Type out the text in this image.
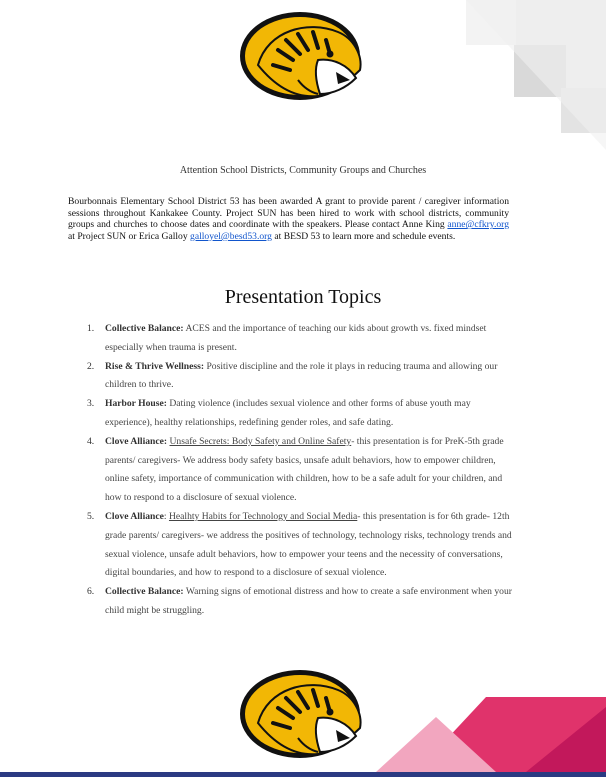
Attention School Districts, Community Groups and Churches

Bourbonnais Elementary School District 53 has been awarded A grant to provide parent / caregiver information sessions throughout Kankakee County. Project SUN has been hired to work with school districts, community groups and churches to choose dates and coordinate with the speakers. Please contact Anne King anne@cfkry.org at Project SUN or Erica Galloy galloyel@besd53.org at BESD 53 to learn more and schedule events.

Presentation Topics
1. Collective Balance: ACES and the importance of teaching our kids about growth vs. fixed mindset especially when trauma is present.
2. Rise & Thrive Wellness: Positive discipline and the role it plays in reducing trauma and allowing our children to thrive.
3. Harbor House: Dating violence (includes sexual violence and other forms of abuse youth may experience), healthy relationships, redefining gender roles, and safe dating.
4. Clove Alliance: Unsafe Secrets: Body Safety and Online Safety- this presentation is for PreK-5th grade parents/ caregivers- We address body safety basics, unsafe adult behaviors, how to empower children, online safety, importance of communication with children, how to be a safe adult for your children, and how to respond to a disclosure of sexual violence.
5. Clove Alliance: Healhty Habits for Technology and Social Media- this presentation is for 6th grade- 12th grade parents/ caregivers- we address the positives of technology, technology risks, technology trends and sexual violence, unsafe adult behaviors, how to empower your teens and the necessity of conversations, digital boundaries, and how to respond to a disclosure of sexual violence.
6. Collective Balance: Warning signs of emotional distress and how to create a safe environment when your child might be struggling.
